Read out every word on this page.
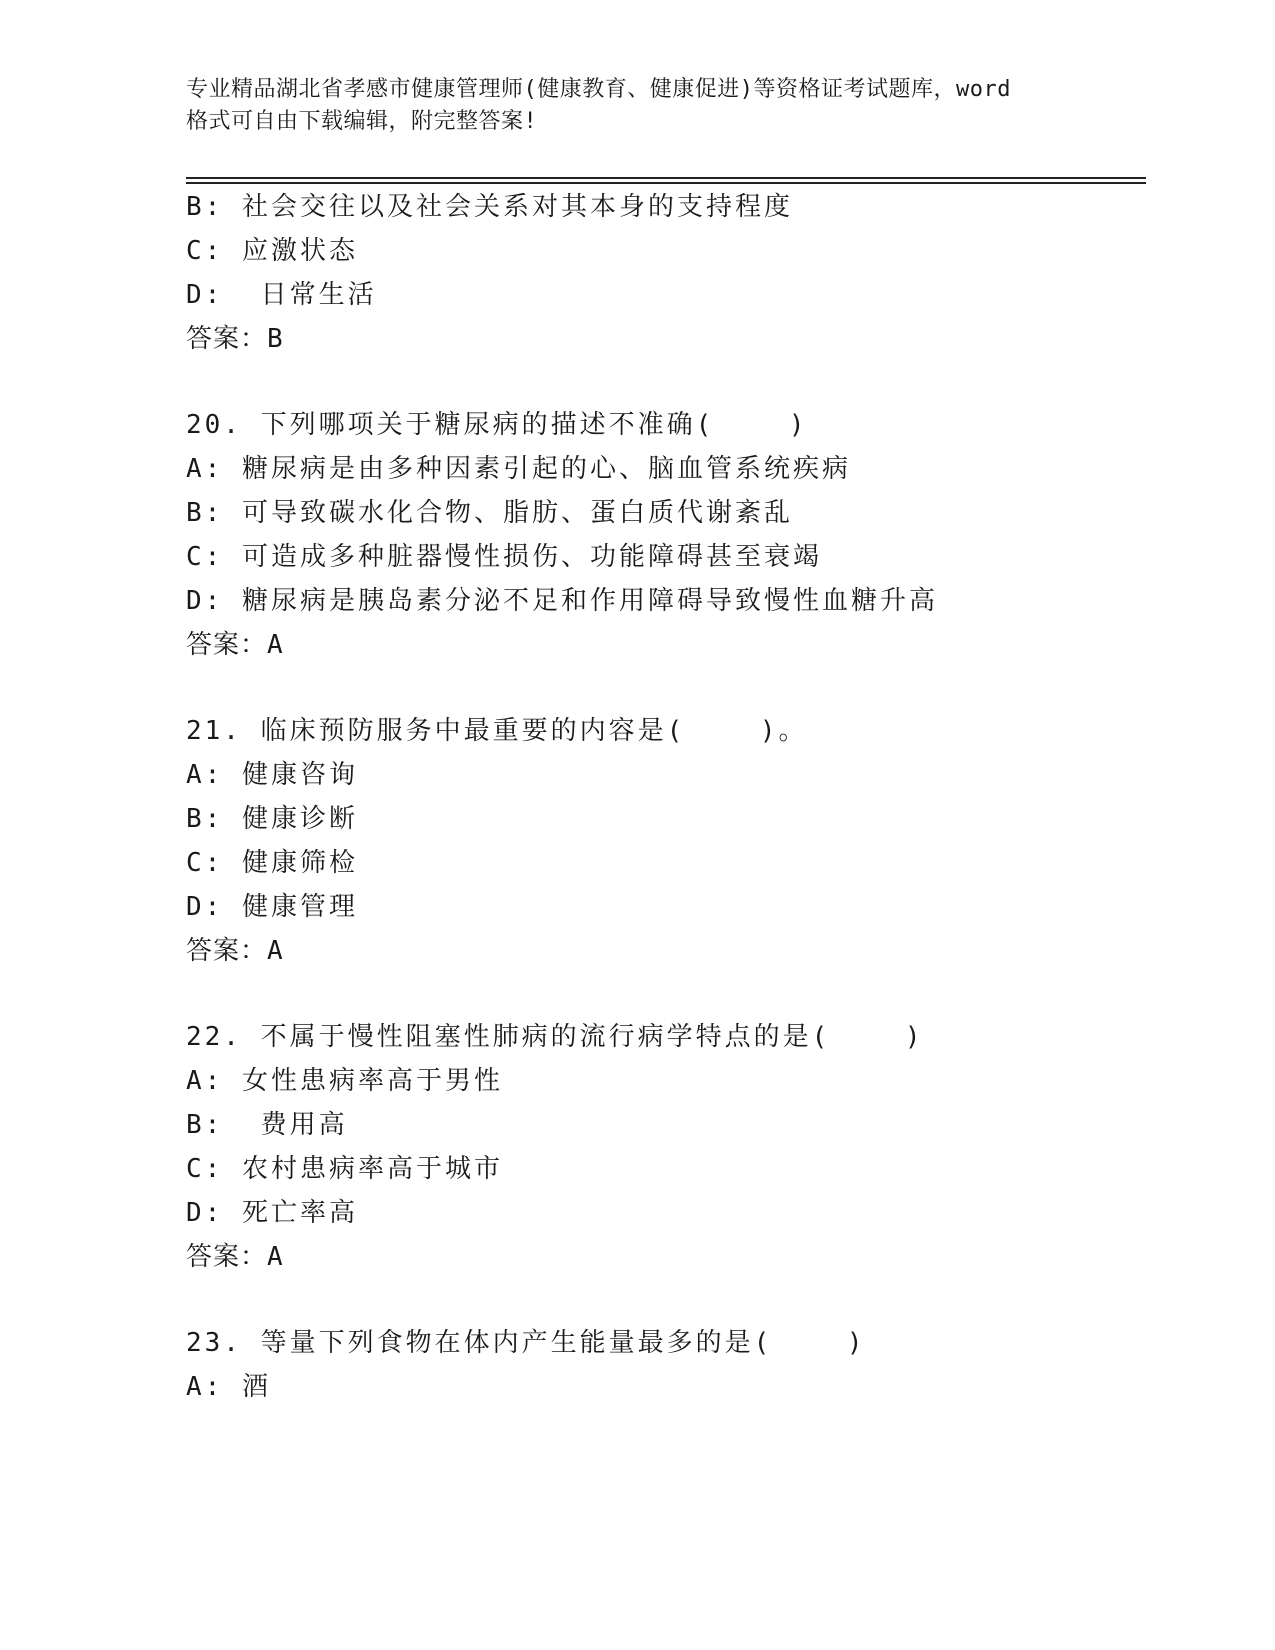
专业精品湖北省孝感市健康管理师(健康教育、健康促进)等资格证考试题库，word
格式可自由下载编辑，附完整答案!
B: 社会交往以及社会关系对其本身的支持程度
C: 应激状态
D:  日常生活
答案：B
20. 下列哪项关于糖尿病的描述不准确(    )
A: 糖尿病是由多种因素引起的心、脑血管系统疾病
B: 可导致碳水化合物、脂肪、蛋白质代谢紊乱
C: 可造成多种脏器慢性损伤、功能障碍甚至衰竭
D: 糖尿病是胰岛素分泌不足和作用障碍导致慢性血糖升高
答案：A
21. 临床预防服务中最重要的内容是(    )。
A: 健康咨询
B: 健康诊断
C: 健康筛检
D: 健康管理
答案：A
22. 不属于慢性阻塞性肺病的流行病学特点的是(    )
A: 女性患病率高于男性
B:  费用高
C: 农村患病率高于城市
D: 死亡率高
答案：A
23. 等量下列食物在体内产生能量最多的是(    )
A: 酒
